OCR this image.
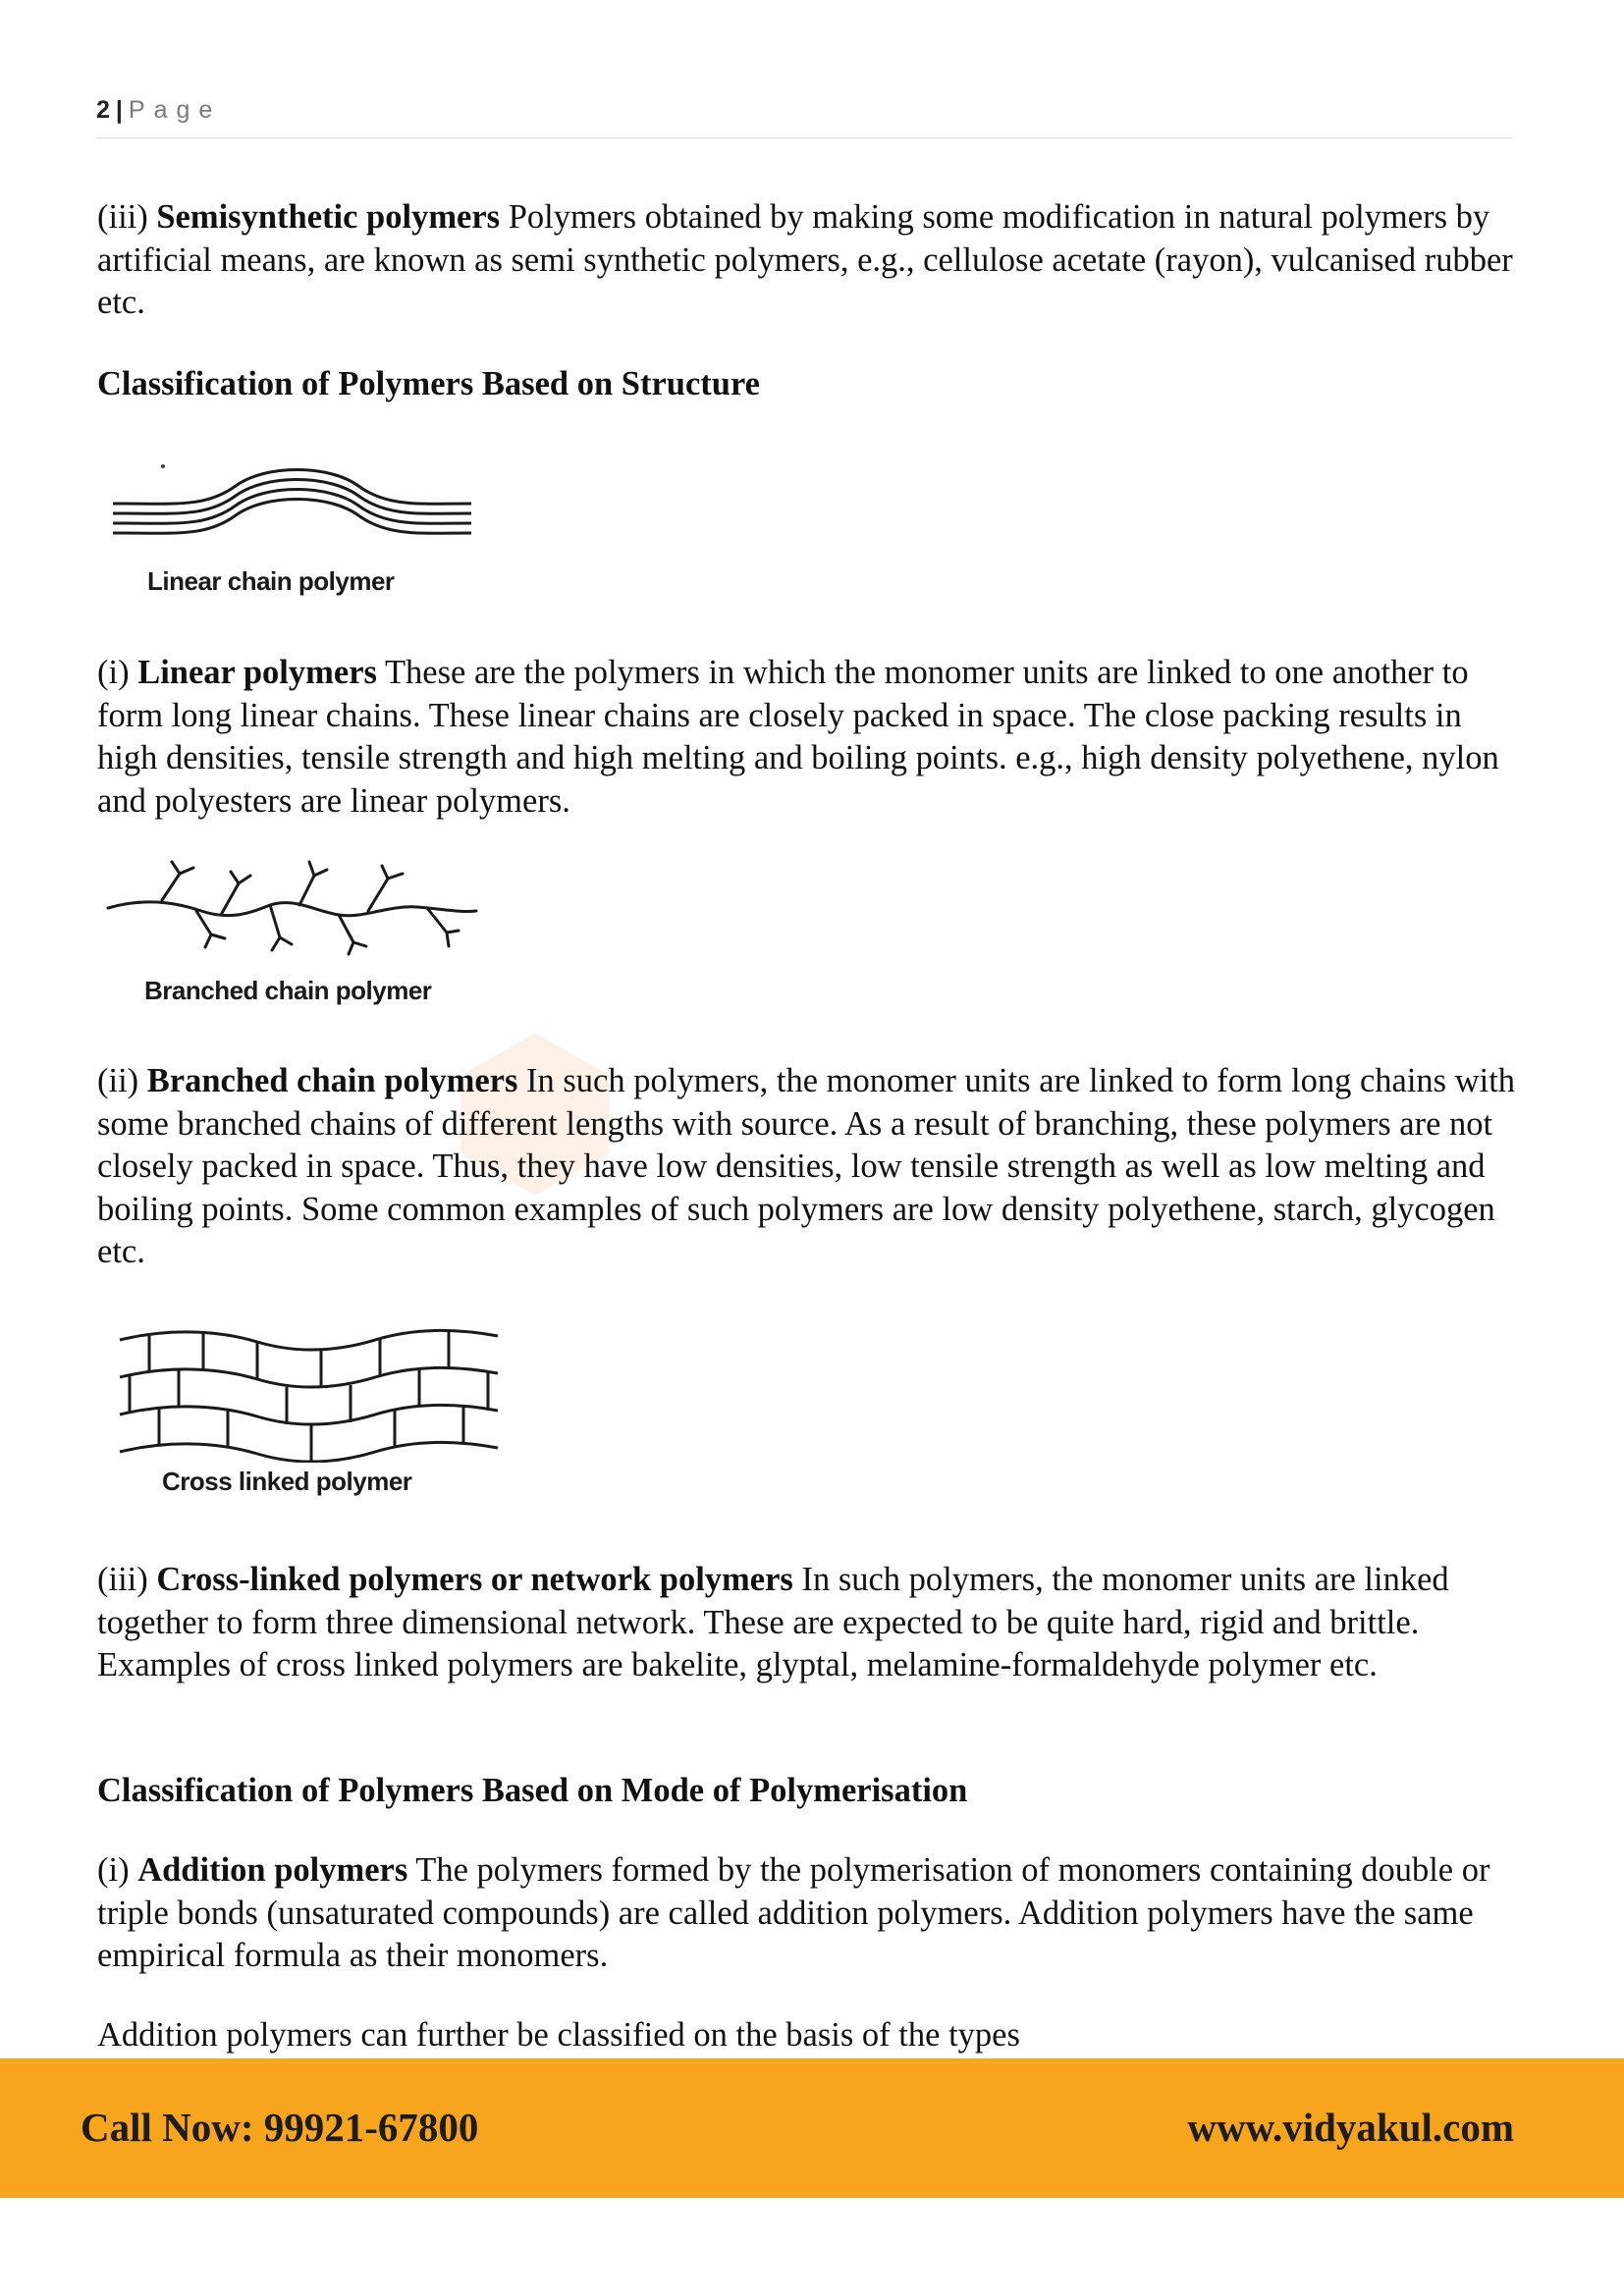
2 | Page

(iii) Semisynthetic polymers Polymers obtained by making some modification in natural polymers by artificial means, are known as semi synthetic polymers, e.g., cellulose acetate (rayon), vulcanised rubber etc.

Classification of Polymers Based on Structure
Linear chain polymer

(i) Linear polymers These are the polymers in which the monomer units are linked to one another to form long linear chains. These linear chains are closely packed in space. The close packing results in high densities, tensile strength and high melting and boiling points. e.g., high density polyethene, nylon and polyesters are linear polymers.

Branched chain polymer

(ii) Branched chain polymers In such polymers, the monomer units are linked to form long chains with some branched chains of different lengths with source. As a result of branching, these polymers are not closely packed in space. Thus, they have low densities, low tensile strength as well as low melting and boiling points. Some common examples of such polymers are low density polyethene, starch, glycogen etc.

Cross linked polymer

(iii) Cross-linked polymers or network polymers In such polymers, the monomer units are linked together to form three dimensional network. These are expected to be quite hard, rigid and brittle. Examples of cross linked polymers are bakelite, glyptal, melamine-formaldehyde polymer etc.

Classification of Polymers Based on Mode of Polymerisation

(i) Addition polymers The polymers formed by the polymerisation of monomers containing double or triple bonds (unsaturated compounds) are called addition polymers. Addition polymers have the same empirical formula as their monomers.

Addition polymers can further be classified on the basis of the types

Call Now: 99921-67800	www.vidyakul.com
